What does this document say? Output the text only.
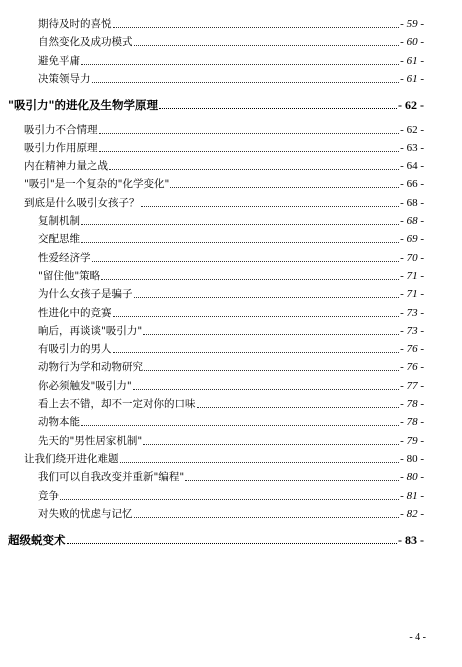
期待及时的喜悦	- 59 -
自然变化及成功模式	- 60 -
避免平庸	- 61 -
决策领导力	- 61 -
"吸引力"的进化及生物学原理	- 62 -
吸引力不合情理	- 62 -
吸引力作用原理	- 63 -
内在精神力量之战	- 64 -
"吸引"是一个复杂的"化学变化"	- 66 -
到底是什么吸引女孩子？	- 68 -
复制机制	- 68 -
交配思维	- 69 -
性爱经济学	- 70 -
"留住他"策略	- 71 -
为什么女孩子是骗子	- 71 -
性进化中的竞赛	- 73 -
晌后，再谈谈"吸引力"	- 73 -
有吸引力的男人	- 76 -
动物行为学和动物研究	- 76 -
你必须触发"吸引力"	- 77 -
看上去不错，却不一定对你的口味	- 78 -
动物本能	- 78 -
先天的"男性居家机制"	- 79 -
让我们绕开进化难题	- 80 -
我们可以自我改变并重新"编程"	- 80 -
竞争	- 81 -
对失败的忧虑与记忆	- 82 -
超级蜕变术	- 83 -
- 4 -
